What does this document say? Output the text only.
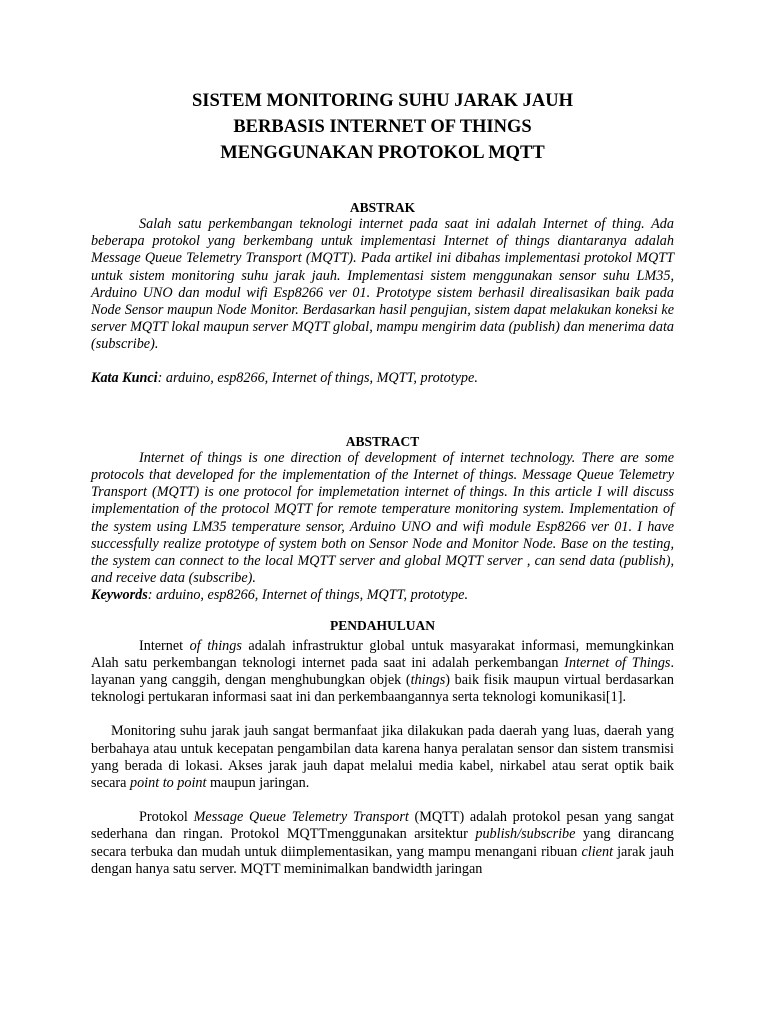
SISTEM MONITORING SUHU JARAK JAUH
BERBASIS INTERNET OF THINGS
MENGGUNAKAN PROTOKOL MQTT
ABSTRAK

Salah satu perkembangan teknologi internet pada saat ini adalah Internet of thing. Ada beberapa protokol yang berkembang untuk implementasi Internet of things diantaranya adalah Message Queue Telemetry Transport (MQTT). Pada artikel ini dibahas implementasi protokol MQTT untuk sistem monitoring suhu jarak jauh. Implementasi sistem menggunakan sensor suhu LM35, Arduino UNO dan modul wifi Esp8266 ver 01. Prototype sistem berhasil direalisasikan baik pada Node Sensor maupun Node Monitor. Berdasarkan hasil pengujian, sistem dapat melakukan koneksi ke server MQTT lokal maupun server MQTT global, mampu mengirim data (publish) dan menerima data (subscribe).

Kata Kunci: arduino, esp8266, Internet of things, MQTT, prototype.

ABSTRACT

Internet of things is one direction of development of internet technology. There are some protocols that developed for the implementation of the Internet of things. Message Queue Telemetry Transport (MQTT) is one protocol for implemetation internet of things. In this article I will discuss implementation of the protocol MQTT for remote temperature monitoring system. Implementation of the system using LM35 temperature sensor, Arduino UNO and wifi module Esp8266 ver 01. I have successfully realize prototype of system both on Sensor Node and Monitor Node. Base on the testing, the system can connect to the local MQTT server and global MQTT server , can send data (publish), and receive data (subscribe).

Keywords: arduino, esp8266, Internet of things, MQTT, prototype.

PENDAHULUAN

Internet of things adalah infrastruktur global untuk masyarakat informasi, memungkinkan Alah satu perkembangan teknologi internet pada saat ini adalah perkembangan Internet of Things. layanan yang canggih, dengan menghubungkan objek (things) baik fisik maupun virtual berdasarkan teknologi pertukaran informasi saat ini dan perkembaangannya serta teknologi komunikasi[1].

Monitoring suhu jarak jauh sangat bermanfaat jika dilakukan pada daerah yang luas, daerah yang berbahaya atau untuk kecepatan pengambilan data karena hanya peralatan sensor dan sistem transmisi yang berada di lokasi. Akses jarak jauh dapat melalui media kabel, nirkabel atau serat optik baik secara point to point maupun jaringan.

Protokol Message Queue Telemetry Transport (MQTT) adalah protokol pesan yang sangat sederhana dan ringan. Protokol MQTTmenggunakan arsitektur publish/subscribe yang dirancang secara terbuka dan mudah untuk diimplementasikan, yang mampu menangani ribuan client jarak jauh dengan hanya satu server. MQTT meminimalkan bandwidth jaringan
